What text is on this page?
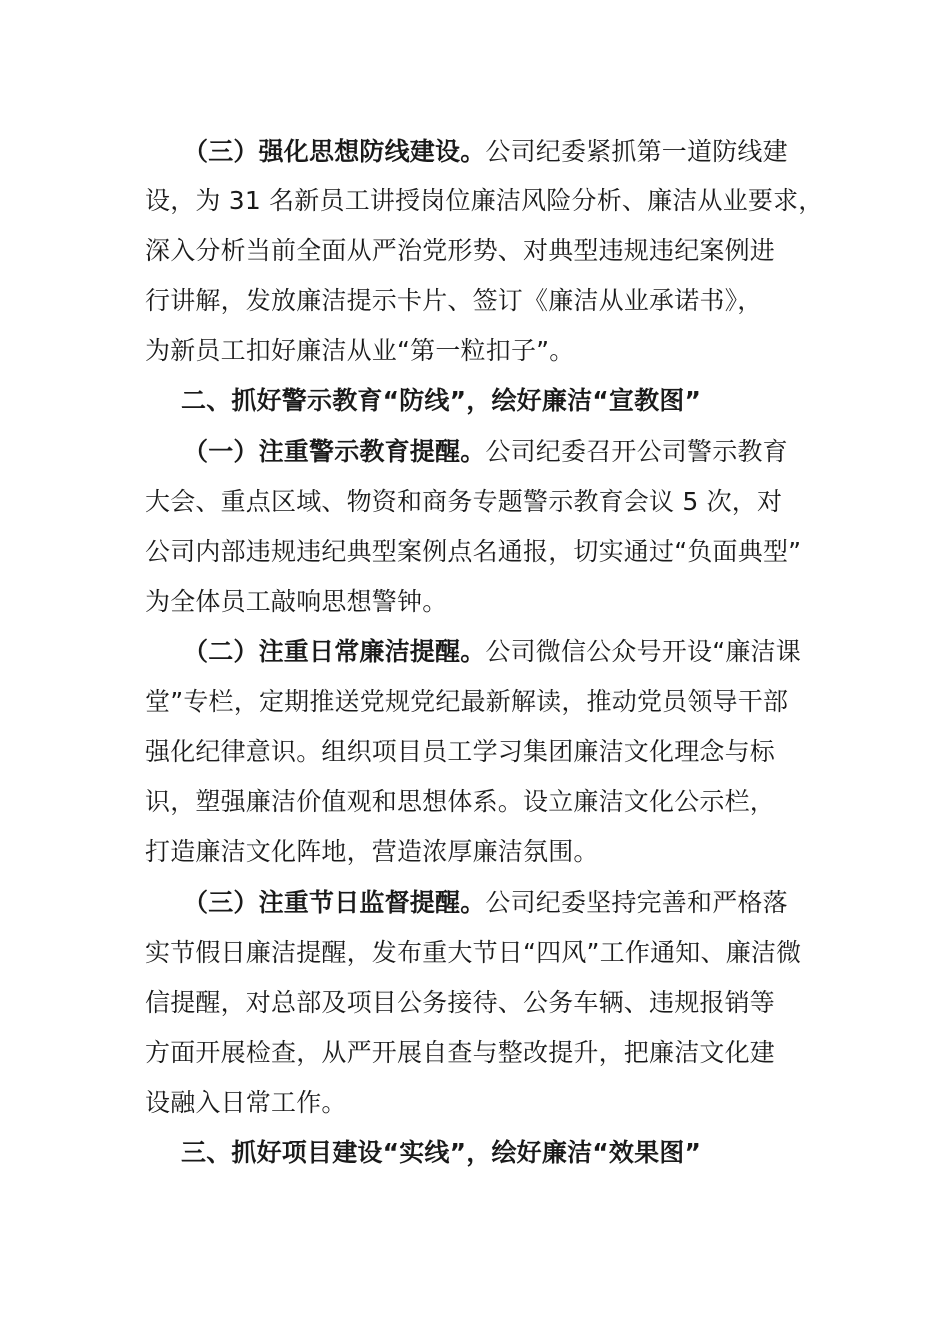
（三）强化思想防线建设。公司纪委紧抓第一道防线建
设，为 31 名新员工讲授岗位廉洁风险分析、廉洁从业要求，
深入分析当前全面从严治党形势、对典型违规违纪案例进
行讲解，发放廉洁提示卡片、签订《廉洁从业承诺书》，
为新员工扣好廉洁从业“第一粒扣子”。
二、抓好警示教育“防线”，绘好廉洁“宣教图”
（一）注重警示教育提醒。公司纪委召开公司警示教育
大会、重点区域、物资和商务专题警示教育会议 5 次，对
公司内部违规违纪典型案例点名通报，切实通过“负面典型”
为全体员工敲响思想警钟。
（二）注重日常廉洁提醒。公司微信公众号开设“廉洁课
堂”专栏，定期推送党规党纪最新解读，推动党员领导干部
强化纪律意识。组织项目员工学习集团廉洁文化理念与标
识，塑强廉洁价值观和思想体系。设立廉洁文化公示栏，
打造廉洁文化阵地，营造浓厚廉洁氛围。
（三）注重节日监督提醒。公司纪委坚持完善和严格落
实节假日廉洁提醒，发布重大节日“四风”工作通知、廉洁微
信提醒，对总部及项目公务接待、公务车辆、违规报销等
方面开展检查，从严开展自查与整改提升，把廉洁文化建
设融入日常工作。
三、抓好项目建设“实线”，绘好廉洁“效果图”
